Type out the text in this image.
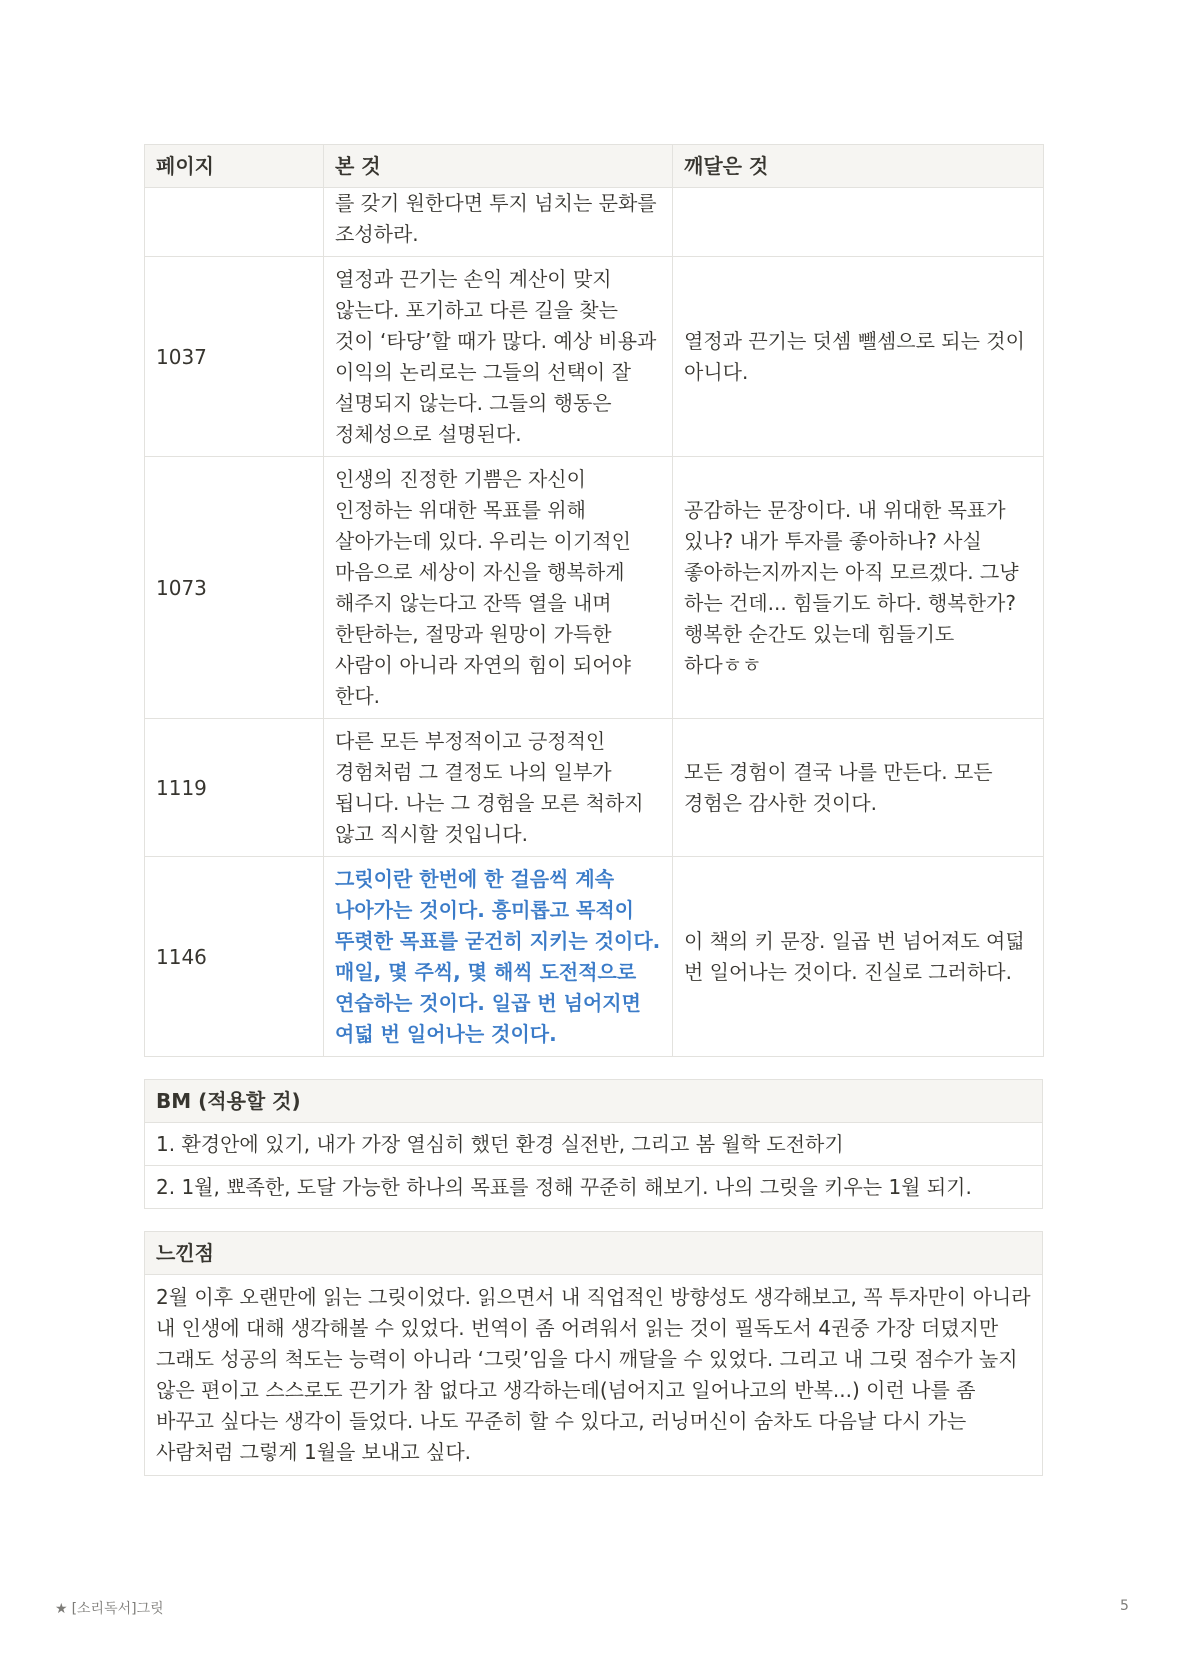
페이지	본 것	깨달은 것
	를 갖기 원한다면 투지 넘치는 문화를 조성하라.	
1037	열정과 끈기는 손익 계산이 맞지 않는다. 포기하고 다른 길을 찾는 것이 ‘타당’할 때가 많다. 예상 비용과 이익의 논리로는 그들의 선택이 잘 설명되지 않는다. 그들의 행동은 정체성으로 설명된다.	열정과 끈기는 덧셈 뺄셈으로 되는 것이 아니다.
1073	인생의 진정한 기쁨은 자신이 인정하는 위대한 목표를 위해 살아가는데 있다. 우리는 이기적인 마음으로 세상이 자신을 행복하게 해주지 않는다고 잔뜩 열을 내며 한탄하는, 절망과 원망이 가득한 사람이 아니라 자연의 힘이 되어야 한다.	공감하는 문장이다. 내 위대한 목표가 있나? 내가 투자를 좋아하나? 사실 좋아하는지까지는 아직 모르겠다. 그냥 하는 건데... 힘들기도 하다. 행복한가? 행복한 순간도 있는데 힘들기도 하다ㅎㅎ
1119	다른 모든 부정적이고 긍정적인 경험처럼 그 결정도 나의 일부가 됩니다. 나는 그 경험을 모른 척하지 않고 직시할 것입니다.	모든 경험이 결국 나를 만든다. 모든 경험은 감사한 것이다.
1146	그릿이란 한번에 한 걸음씩 계속 나아가는 것이다. 흥미롭고 목적이 뚜렷한 목표를 굳건히 지키는 것이다. 매일, 몇 주씩, 몇 해씩 도전적으로 연습하는 것이다. 일곱 번 넘어지면 여덟 번 일어나는 것이다.	이 책의 키 문장. 일곱 번 넘어져도 여덟 번 일어나는 것이다. 진실로 그러하다.
BM (적용할 것)
1. 환경안에 있기, 내가 가장 열심히 했던 환경 실전반, 그리고 봄 월학 도전하기
2. 1월, 뾰족한, 도달 가능한 하나의 목표를 정해 꾸준히 해보기. 나의 그릿을 키우는 1월 되기.
느낀점
2월 이후 오랜만에 읽는 그릿이었다. 읽으면서 내 직업적인 방향성도 생각해보고, 꼭 투자만이 아니라 내 인생에 대해 생각해볼 수 있었다. 번역이 좀 어려워서 읽는 것이 필독도서 4권중 가장 더뎠지만 그래도 성공의 척도는 능력이 아니라 ‘그릿’임을 다시 깨달을 수 있었다. 그리고 내 그릿 점수가 높지 않은 편이고 스스로도 끈기가 참 없다고 생각하는데(넘어지고 일어나고의 반복...) 이런 나를 좀 바꾸고 싶다는 생각이 들었다. 나도 꾸준히 할 수 있다고, 러닝머신이 숨차도 다음날 다시 가는 사람처럼 그렇게 1월을 보내고 싶다.
★ [소리독서]그릿	5
